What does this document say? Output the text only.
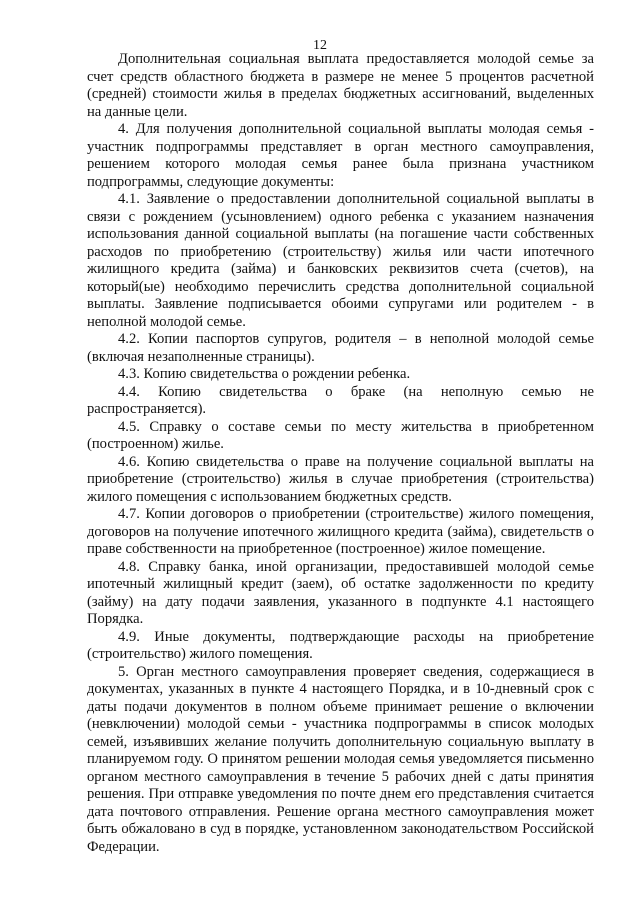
12

Дополнительная социальная выплата предоставляется молодой семье за счет средств областного бюджета в размере не менее 5 процентов расчетной (средней) стоимости жилья в пределах бюджетных ассигнований, выделенных на данные цели.

4. Для получения дополнительной социальной выплаты молодая семья - участник подпрограммы представляет в орган местного самоуправления, решением которого молодая семья ранее была признана участником подпрограммы, следующие документы:

4.1. Заявление о предоставлении дополнительной социальной выплаты в связи с рождением (усыновлением) одного ребенка с указанием назначения использования данной социальной выплаты (на погашение части собственных расходов по приобретению (строительству) жилья или части ипотечного жилищного кредита (займа) и банковских реквизитов счета (счетов), на который(ые) необходимо перечислить средства дополнительной социальной выплаты. Заявление подписывается обоими супругами или родителем - в неполной молодой семье.

4.2. Копии паспортов супругов, родителя – в неполной молодой семье (включая незаполненные страницы).

4.3. Копию свидетельства о рождении ребенка.

4.4. Копию свидетельства о браке (на неполную семью не распространяется).

4.5. Справку о составе семьи по месту жительства в приобретенном (построенном) жилье.

4.6. Копию свидетельства о праве на получение социальной выплаты на приобретение (строительство) жилья в случае приобретения (строительства) жилого помещения с использованием бюджетных средств.

4.7. Копии договоров о приобретении (строительстве) жилого помещения, договоров на получение ипотечного жилищного кредита (займа), свидетельств о праве собственности на приобретенное (построенное) жилое помещение.

4.8. Справку банка, иной организации, предоставившей молодой семье ипотечный жилищный кредит (заем), об остатке задолженности по кредиту (займу) на дату подачи заявления, указанного в подпункте 4.1 настоящего Порядка.

4.9. Иные документы, подтверждающие расходы на приобретение (строительство) жилого помещения.

5. Орган местного самоуправления проверяет сведения, содержащиеся в документах, указанных в пункте 4 настоящего Порядка, и в 10-дневный срок с даты подачи документов в полном объеме принимает решение о включении (невключении) молодой семьи - участника подпрограммы в список молодых семей, изъявивших желание получить дополнительную социальную выплату в планируемом году. О принятом решении молодая семья уведомляется письменно органом местного самоуправления в течение 5 рабочих дней с даты принятия решения. При отправке уведомления по почте днем его представления считается дата почтового отправления. Решение органа местного самоуправления может быть обжаловано в суд в порядке, установленном законодательством Российской Федерации.
